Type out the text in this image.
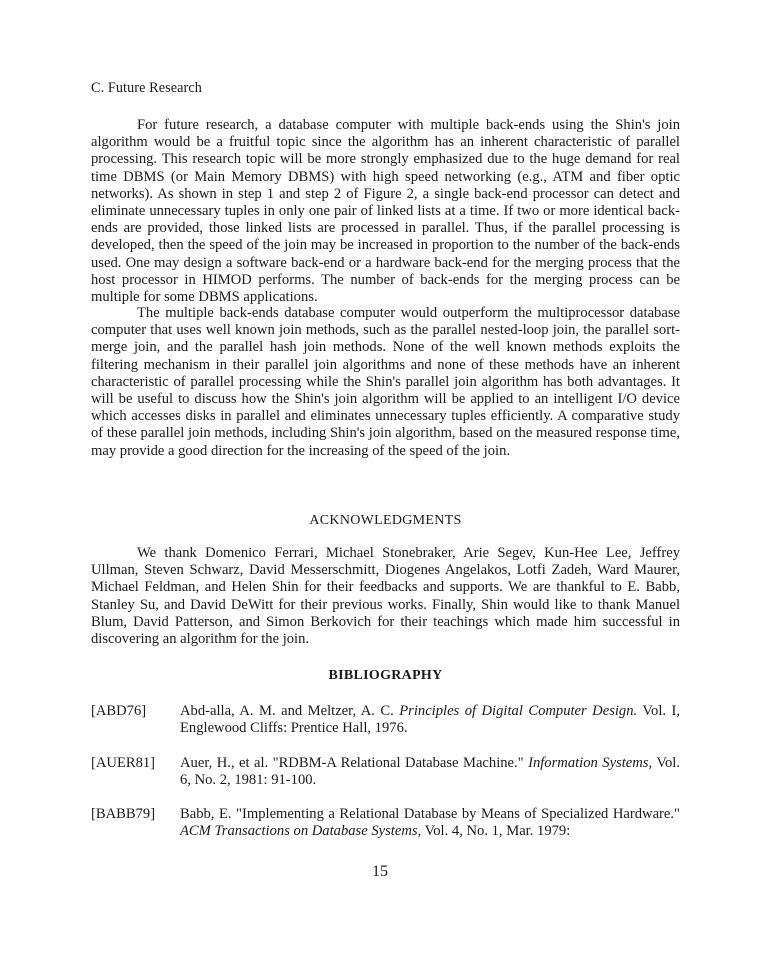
C. Future Research

For future research, a database computer with multiple back-ends using the Shin's join algorithm would be a fruitful topic since the algorithm has an inherent characteristic of parallel processing. This research topic will be more strongly emphasized due to the huge demand for real time DBMS (or Main Memory DBMS) with high speed networking (e.g., ATM and fiber optic networks). As shown in step 1 and step 2 of Figure 2, a single back-end processor can detect and eliminate unnecessary tuples in only one pair of linked lists at a time. If two or more identical back-ends are provided, those linked lists are processed in parallel. Thus, if the parallel processing is developed, then the speed of the join may be increased in proportion to the number of the back-ends used. One may design a software back-end or a hardware back-end for the merging process that the host processor in HIMOD performs. The number of back-ends for the merging process can be multiple for some DBMS applications.

The multiple back-ends database computer would outperform the multiprocessor database computer that uses well known join methods, such as the parallel nested-loop join, the parallel sort-merge join, and the parallel hash join methods. None of the well known methods exploits the filtering mechanism in their parallel join algorithms and none of these methods have an inherent characteristic of parallel processing while the Shin's parallel join algorithm has both advantages. It will be useful to discuss how the Shin's join algorithm will be applied to an intelligent I/O device which accesses disks in parallel and eliminates unnecessary tuples efficiently. A comparative study of these parallel join methods, including Shin's join algorithm, based on the measured response time, may provide a good direction for the increasing of the speed of the join.

ACKNOWLEDGMENTS

We thank Domenico Ferrari, Michael Stonebraker, Arie Segev, Kun-Hee Lee, Jeffrey Ullman, Steven Schwarz, David Messerschmitt, Diogenes Angelakos, Lotfi Zadeh, Ward Maurer, Michael Feldman, and Helen Shin for their feedbacks and supports. We are thankful to E. Babb, Stanley Su, and David DeWitt for their previous works. Finally, Shin would like to thank Manuel Blum, David Patterson, and Simon Berkovich for their teachings which made him successful in discovering an algorithm for the join.

BIBLIOGRAPHY
[ABD76]	Abd-alla, A. M. and Meltzer, A. C. Principles of Digital Computer Design. Vol. I, Englewood Cliffs: Prentice Hall, 1976.
[AUER81]	Auer, H., et al. "RDBM-A Relational Database Machine." Information Systems, Vol. 6, No. 2, 1981: 91-100.
[BABB79]	Babb, E. "Implementing a Relational Database by Means of Specialized Hardware." ACM Transactions on Database Systems, Vol. 4, No. 1, Mar. 1979:
15
